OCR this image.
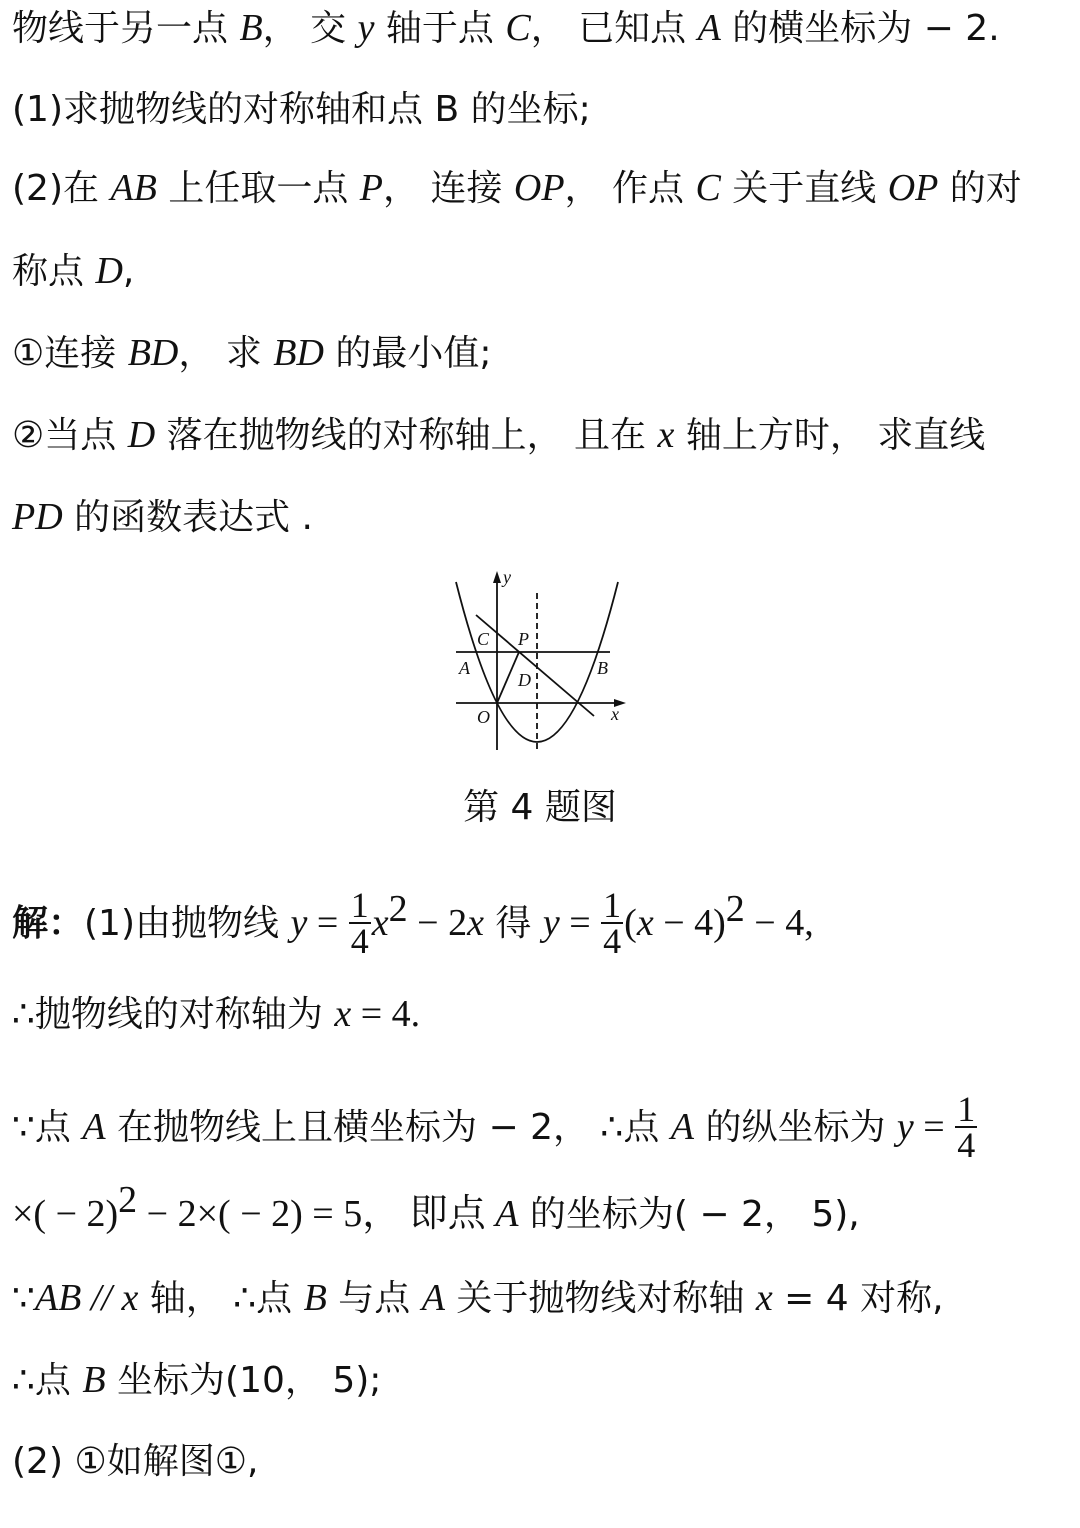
物线于另一点 B， 交 y 轴于点 C， 已知点 A 的横坐标为 − 2.
(1)求抛物线的对称轴和点 B 的坐标;
(2)在 AB 上任取一点 P， 连接 OP， 作点 C 关于直线 OP 的对
称点 D,
①连接 BD， 求 BD 的最小值;
②当点 D 落在抛物线的对称轴上， 且在 x 轴上方时， 求直线
PD 的函数表达式 .
y
x
O
A	B
C P
D
第 4 题图
解：(1)由抛物线 $y = \frac{1}{4} x^2 - 2x$ 得 $y = \frac{1}{4} (x - 4)^2 - 4$,
∴抛物线的对称轴为 x = 4.
∵点 A 在抛物线上且横坐标为 − 2， ∴点 A 的纵坐标为 $y = \frac{1}{4}$
×( − 2)$^2$ − 2×( − 2) = 5， 即点 A 的坐标为( − 2， 5),
∵AB // x 轴， ∴点 B 与点 A 关于抛物线对称轴 x = 4 对称,
∴点 B 坐标为(10， 5);
(2) ①如解图①,
